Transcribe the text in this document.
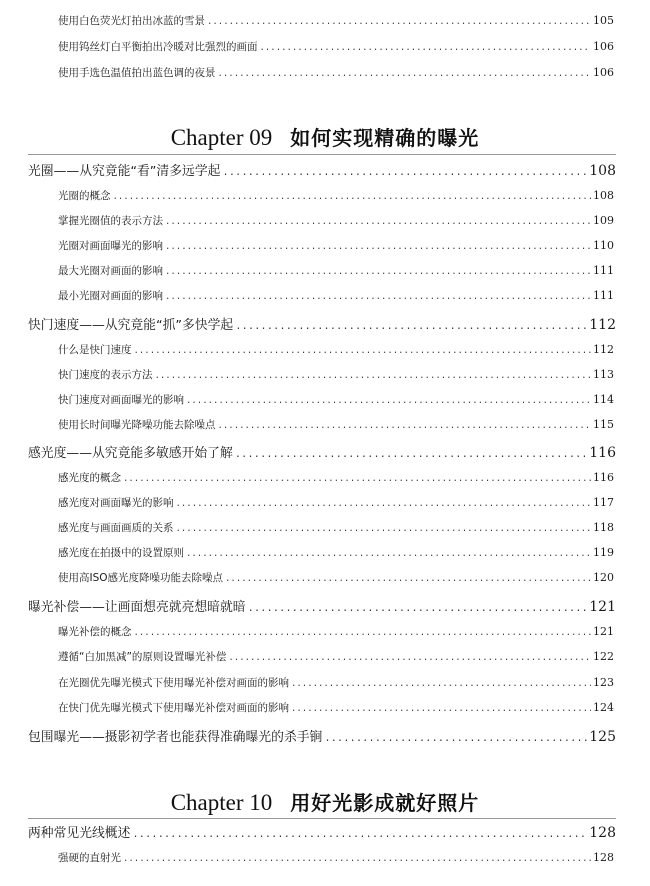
使用白色荧光灯拍出冰蓝的雪景 .....	105
使用钨丝灯白平衡拍出冷暖对比强烈的画面 .....	106
使用手选色温值拍出蓝色调的夜景 .....	106
Chapter 09 如何实现精确的曝光
光圈——从究竟能“看”清多远学起 .....	108
光圈的概念 .....	108
掌握光圈值的表示方法 .....	109
光圈对画面曝光的影响 .....	110
最大光圈对画面的影响 .....	111
最小光圈对画面的影响 .....	111
快门速度——从究竟能“抓”多快学起 .....	112
什么是快门速度 .....	112
快门速度的表示方法 .....	113
快门速度对画面曝光的影响 .....	114
使用长时间曝光降噪功能去除噪点 .....	115
感光度——从究竟能多敏感开始了解 .....	116
感光度的概念 .....	116
感光度对画面曝光的影响 .....	117
感光度与画面画质的关系 .....	118
感光度在拍摄中的设置原则 .....	119
使用高ISO感光度降噪功能去除噪点 .....	120
曝光补偿——让画面想亮就亮想暗就暗 .....	121
曝光补偿的概念 .....	121
遵循“白加黑减”的原则设置曝光补偿 .....	122
在光圈优先曝光模式下使用曝光补偿对画面的影响 .....	123
在快门优先曝光模式下使用曝光补偿对画面的影响 .....	124
包围曝光——摄影初学者也能获得准确曝光的杀手锏 .....	125
Chapter 10 用好光影成就好照片
两种常见光线概述 .....	128
强硬的直射光 .....	128
